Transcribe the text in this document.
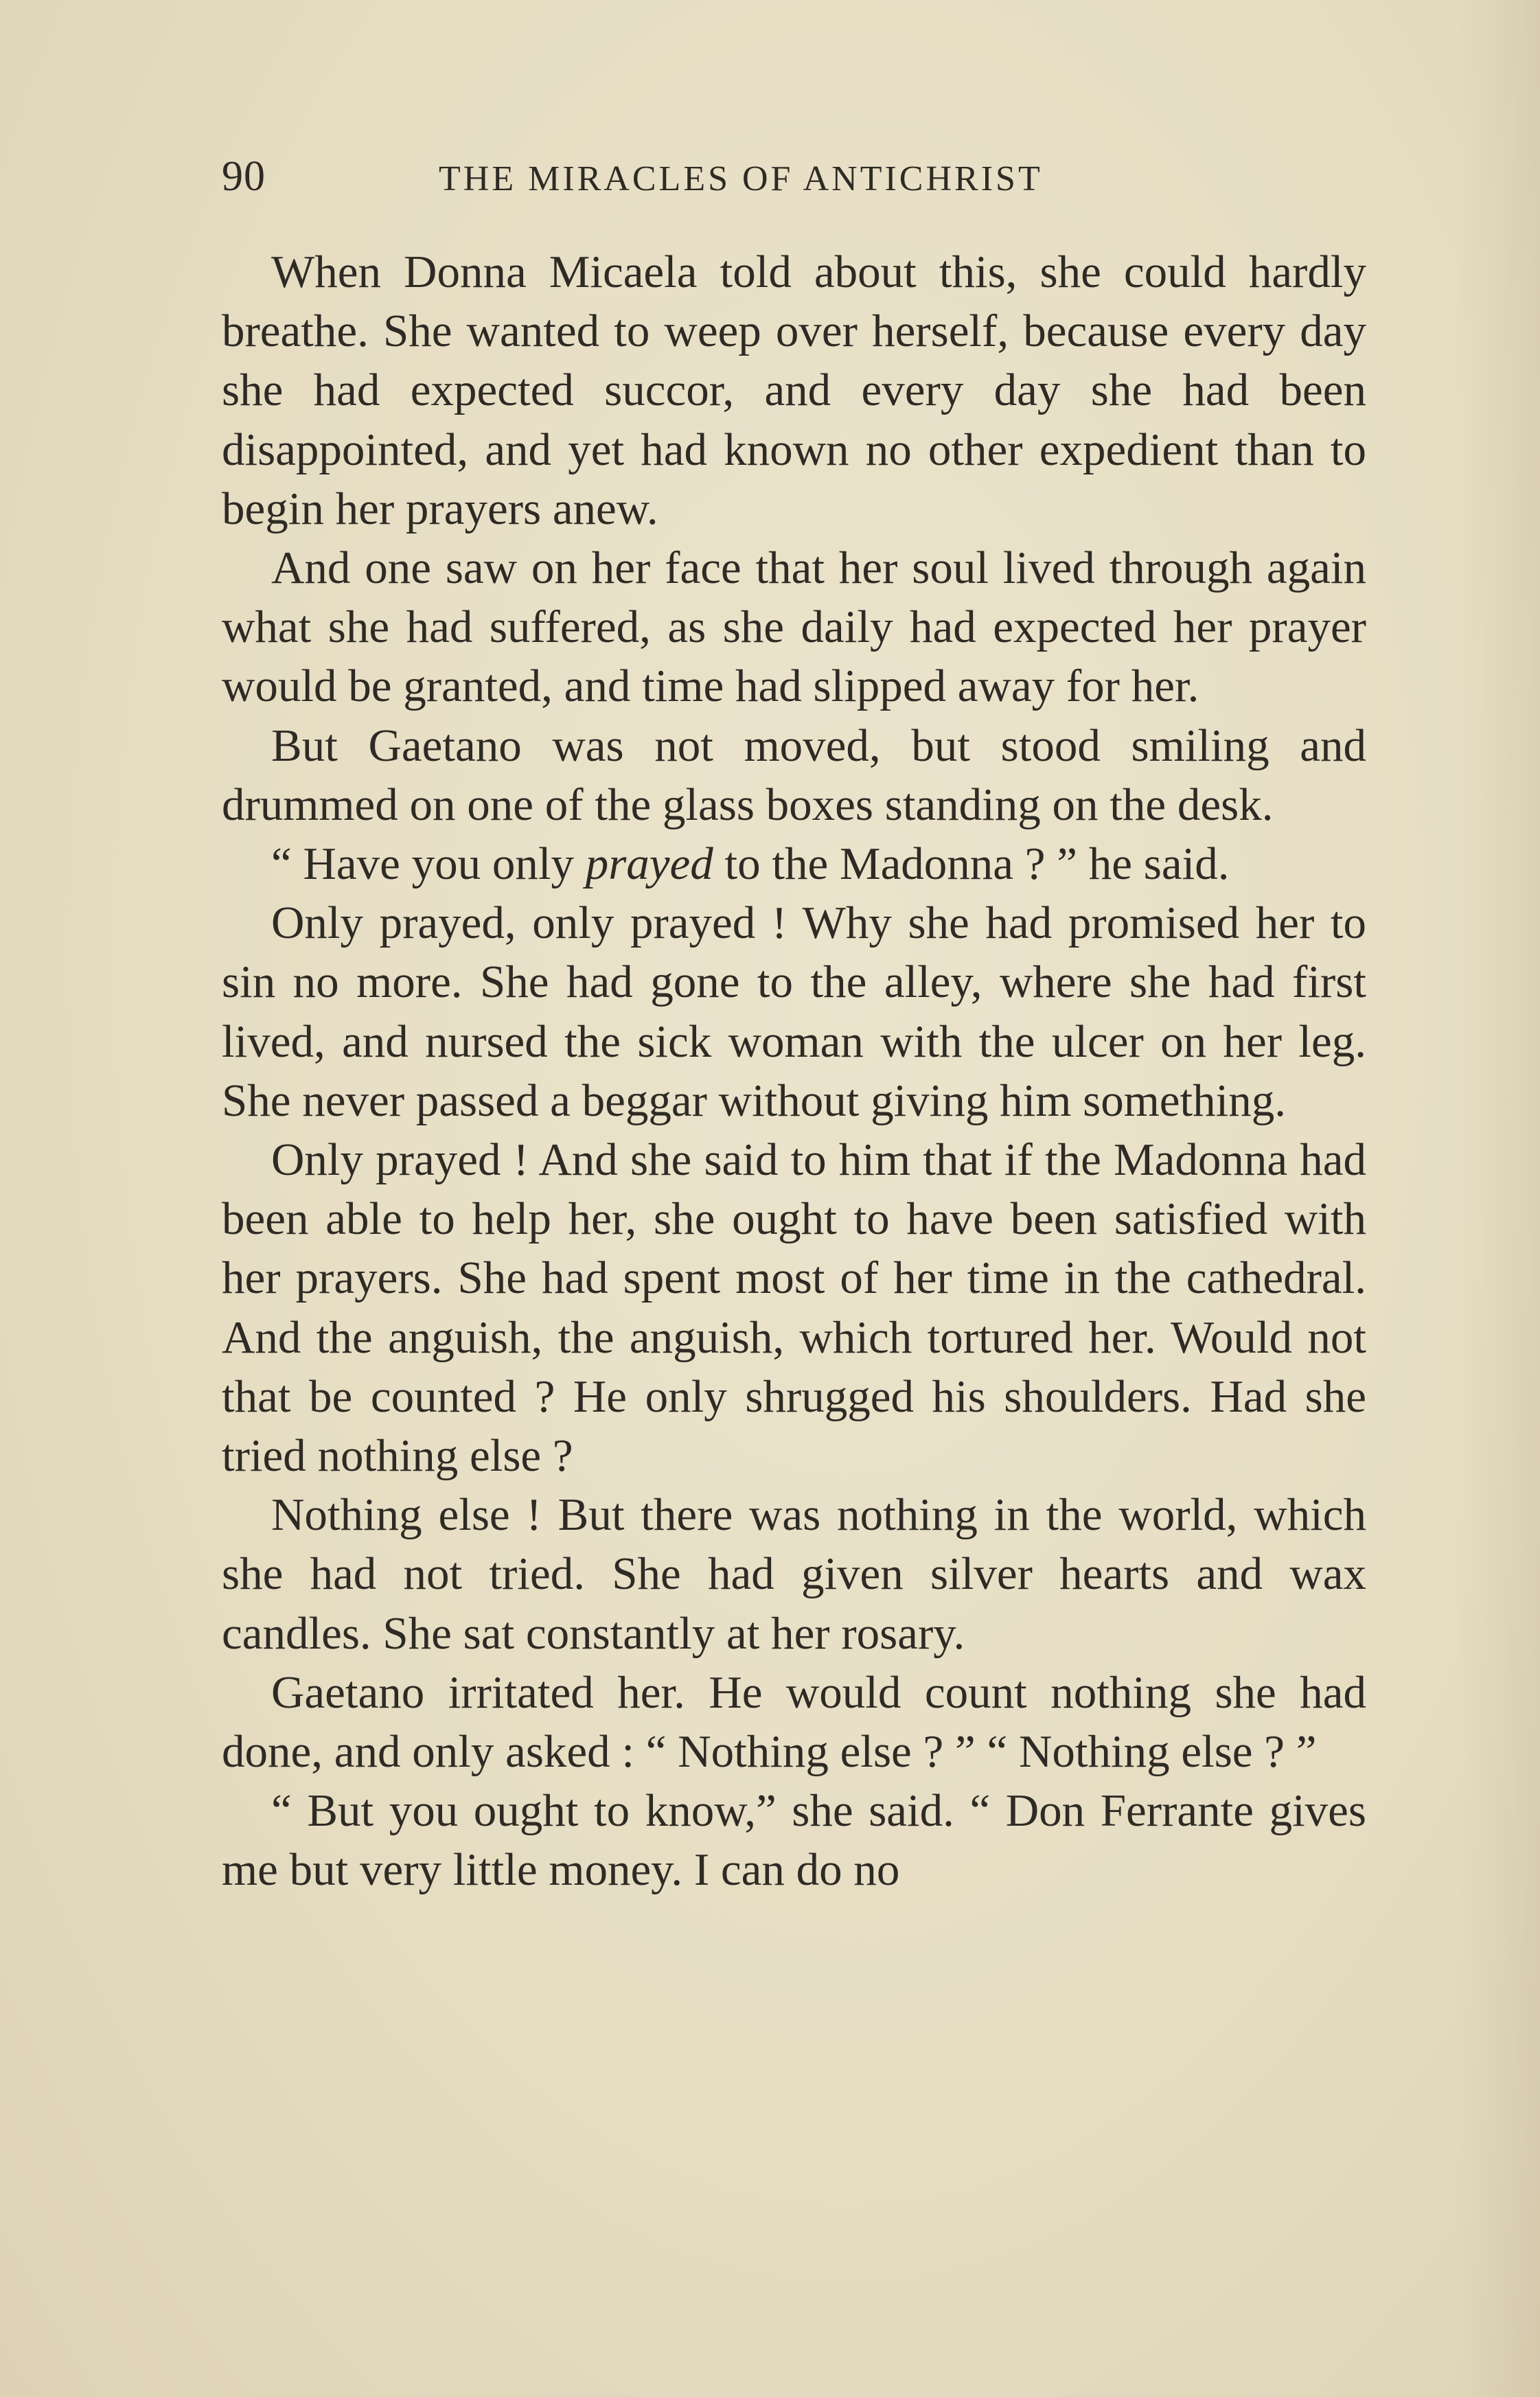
90	THE MIRACLES OF ANTICHRIST

When Donna Micaela told about this, she could hardly breathe. She wanted to weep over herself, because every day she had expected succor, and every day she had been disappointed, and yet had known no other expedient than to begin her prayers anew.

And one saw on her face that her soul lived through again what she had suffered, as she daily had expected her prayer would be granted, and time had slipped away for her.

But Gaetano was not moved, but stood smiling and drummed on one of the glass boxes standing on the desk.

“ Have you only prayed to the Madonna ? ” he said.

Only prayed, only prayed ! Why she had promised her to sin no more. She had gone to the alley, where she had first lived, and nursed the sick woman with the ulcer on her leg. She never passed a beggar without giving him something.

Only prayed ! And she said to him that if the Madonna had been able to help her, she ought to have been satisfied with her prayers. She had spent most of her time in the cathedral. And the anguish, the anguish, which tortured her. Would not that be counted ? He only shrugged his shoulders. Had she tried nothing else ?

Nothing else ! But there was nothing in the world, which she had not tried. She had given silver hearts and wax candles. She sat constantly at her rosary.

Gaetano irritated her. He would count nothing she had done, and only asked : “ Nothing else ? ” “ Nothing else ? ”

“ But you ought to know,” she said. “ Don Ferrante gives me but very little money. I can do no
